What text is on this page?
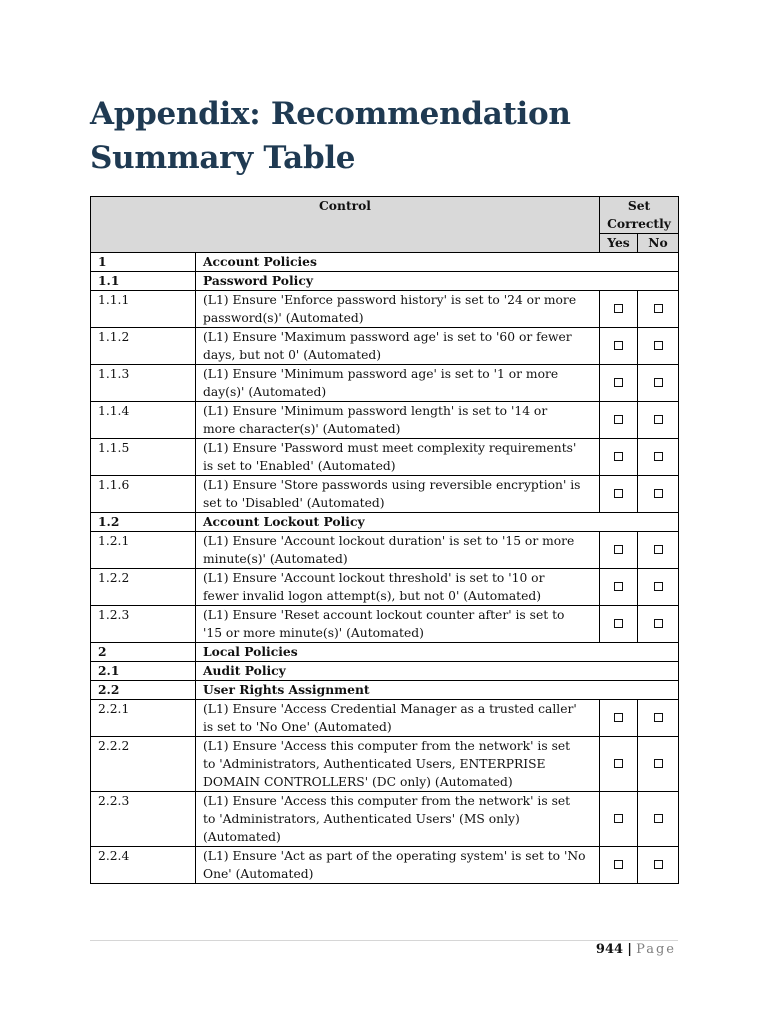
Appendix: Recommendation Summary Table
Control		Set Correctly	
		Yes	No
1	Account Policies		
1.1	Password Policy		
1.1.1	(L1) Ensure 'Enforce password history' is set to '24 or more
password(s)' (Automated)		

1.1.2	(L1) Ensure 'Maximum password age' is set to '60 or fewer
days, but not 0' (Automated)		

1.1.3	(L1) Ensure 'Minimum password age' is set to '1 or more
day(s)' (Automated)		

1.1.4	(L1) Ensure 'Minimum password length' is set to '14 or
more character(s)' (Automated)		

1.1.5	(L1) Ensure 'Password must meet complexity requirements'
is set to 'Enabled' (Automated)		

1.1.6	(L1) Ensure 'Store passwords using reversible encryption' is
set to 'Disabled' (Automated)		

1.2	Account Lockout Policy		
1.2.1	(L1) Ensure 'Account lockout duration' is set to '15 or more
minute(s)' (Automated)		

1.2.2	(L1) Ensure 'Account lockout threshold' is set to '10 or
fewer invalid logon attempt(s), but not 0' (Automated)		

1.2.3	(L1) Ensure 'Reset account lockout counter after' is set to
'15 or more minute(s)' (Automated)		

2	Local Policies		
2.1	Audit Policy		
2.2	User Rights Assignment		
2.2.1	(L1) Ensure 'Access Credential Manager as a trusted caller'
is set to 'No One' (Automated)		

2.2.2	(L1) Ensure 'Access this computer from the network' is set
to 'Administrators, Authenticated Users, ENTERPRISE
DOMAIN CONTROLLERS' (DC only) (Automated)		

2.2.3	(L1) Ensure 'Access this computer from the network' is set
to 'Administrators, Authenticated Users' (MS only)
(Automated)		

2.2.4	(L1) Ensure 'Act as part of the operating system' is set to 'No
One' (Automated)		

944 | Page
